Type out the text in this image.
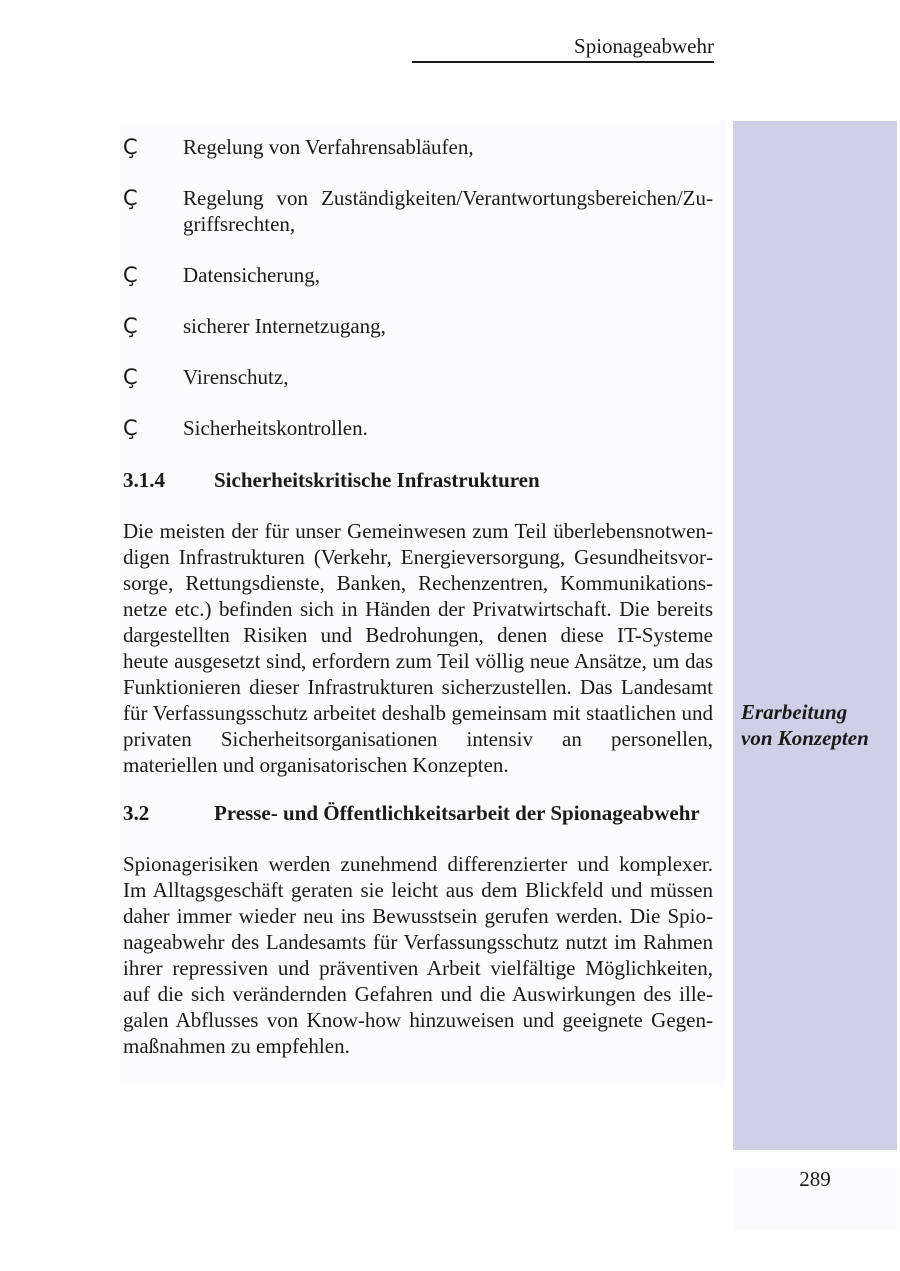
Spionageabwehr
Ç	Regelung von Verfahrensabläufen,
Ç	Regelung von Zuständigkeiten/Verantwortungsbereichen/Zugriffsrechten,
Ç	Datensicherung,
Ç	sicherer Internetzugang,
Ç	Virenschutz,
Ç	Sicherheitskontrollen.
3.1.4 Sicherheitskritische Infrastrukturen

Die meisten der für unser Gemeinwesen zum Teil überlebensnotwendigen Infrastrukturen (Verkehr, Energieversorgung, Gesundheitsvorsorge, Rettungsdienste, Banken, Rechenzentren, Kommunikationsnetze etc.) befinden sich in Händen der Privatwirtschaft. Die bereits dargestellten Risiken und Bedrohungen, denen diese IT-Systeme heute ausgesetzt sind, erfordern zum Teil völlig neue Ansätze, um das Funktionieren dieser Infrastrukturen sicherzustellen. Das Landesamt für Verfassungsschutz arbeitet deshalb gemeinsam mit staatlichen und privaten Sicherheitsorganisationen intensiv an personellen, materiellen und organisatorischen Konzepten.

3.2	Presse- und Öffentlichkeitsarbeit der Spionageabwehr

Spionagerisiken werden zunehmend differenzierter und komplexer. Im Alltagsgeschäft geraten sie leicht aus dem Blickfeld und müssen daher immer wieder neu ins Bewusstsein gerufen werden. Die Spionageabwehr des Landesamts für Verfassungsschutz nutzt im Rahmen ihrer repressiven und präventiven Arbeit vielfältige Möglichkeiten, auf die sich verändernden Gefahren und die Auswirkungen des illegalen Abflusses von Know-how hinzuweisen und geeignete Gegenmaßnahmen zu empfehlen.

Erarbeitung
von Konzepten
289
